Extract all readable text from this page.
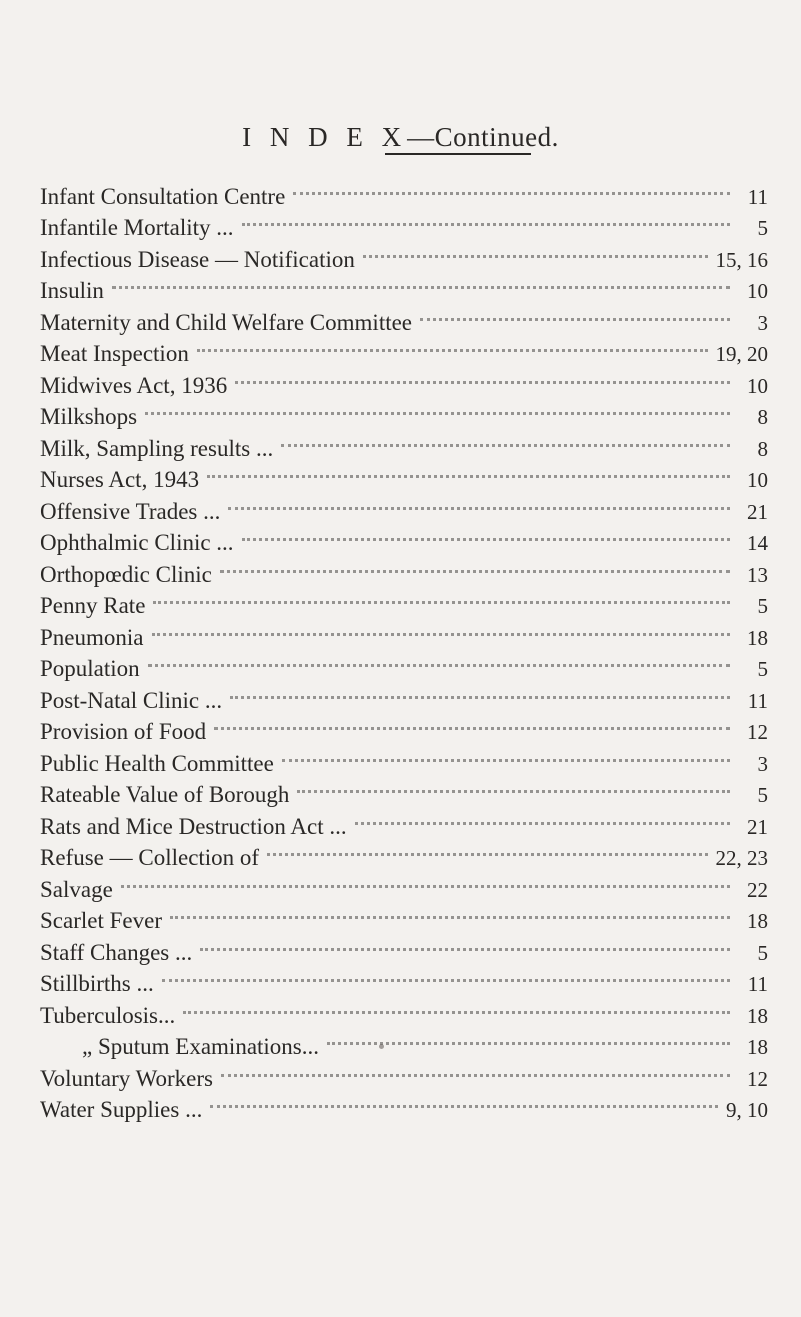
I N D E X—Continued.
Infant Consultation Centre	11
Infantile Mortality ...	5
Infectious Disease — Notification	15, 16
Insulin	10
Maternity and Child Welfare Committee	3
Meat Inspection	19, 20
Midwives Act, 1936	10
Milkshops	8
Milk, Sampling results ...	8
Nurses Act, 1943	10
Offensive Trades ...	21
Ophthalmic Clinic ...	14
Orthopœdic Clinic	13
Penny Rate	5
Pneumonia	18
Population	5
Post-Natal Clinic ...	11
Provision of Food	12
Public Health Committee	3
Rateable Value of Borough	5
Rats and Mice Destruction Act ...	21
Refuse — Collection of	22, 23
Salvage	22
Scarlet Fever	18
Staff Changes ...	5
Stillbirths ...	11
Tuberculosis...	18
„ Sputum Examinations...	18
Voluntary Workers	12
Water Supplies ...	9, 10
